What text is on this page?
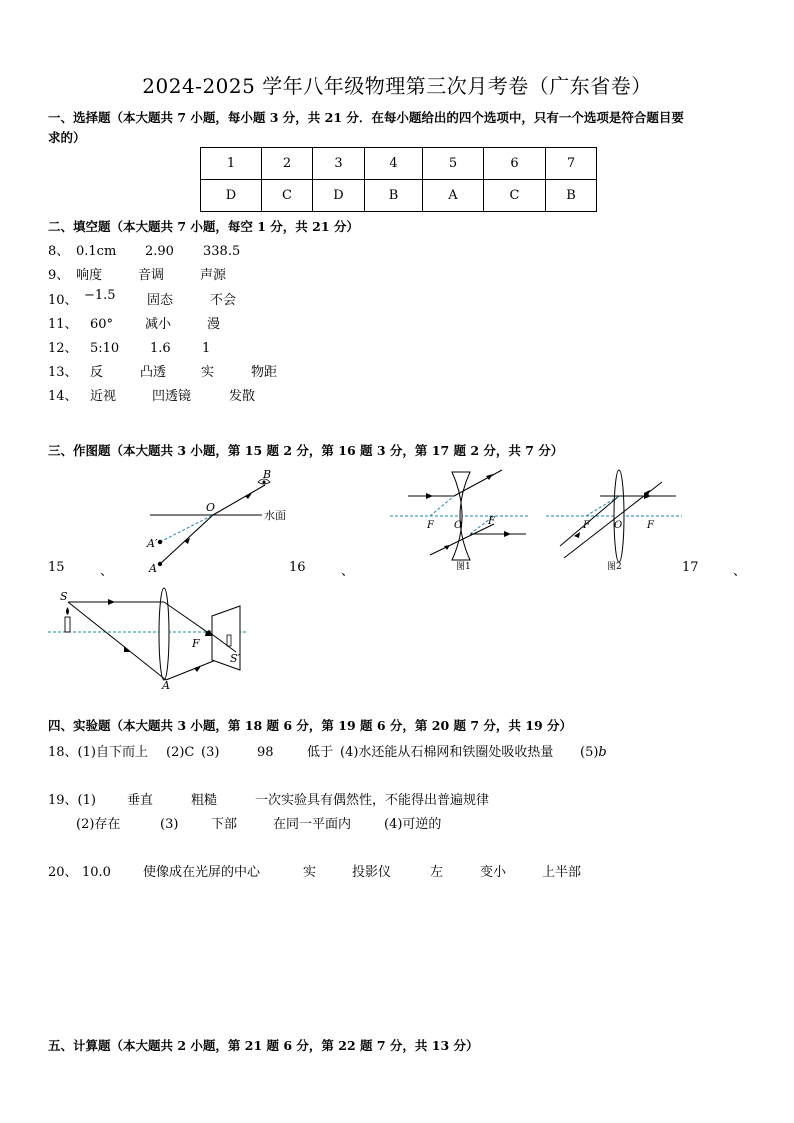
2024-2025 学年八年级物理第三次月考卷（广东省卷）
一、选择题（本大题共 7 小题，每小题 3 分，共 21 分．在每小题给出的四个选项中，只有一个选项是符合题目要
求的）
1	2	3	4	5	6	7
D	C	D	B	A	C	B
二、填空题（本大题共 7 小题，每空 1 分，共 21 分）
8、 0.1cm 2.90 338.5
9、 响度	音调	声源
10、 −1.5 固态	不会
11、 60° 减小	漫
12、 5:10 1.6 1
13、 反	凸透	实	物距
14、 近视	凹透镜	发散
三、作图题（本大题共 3 小题，第 15 题 2 分，第 16 题 3 分，第 17 题 2 分，共 7 分）
15	、	16	、	17	、
O
B
水面
A′
A
F O	F
图1
F O F
图2
S
F
S′
A
四、实验题（本大题共 3 小题，第 18 题 6 分，第 19 题 6 分，第 20 题 7 分，共 19 分）
18、(1)自下而上 (2)C (3)	98	低于 (4)水还能从石棉网和铁圈处吸收热量 (5)b
19、(1) 垂直	粗糙	一次实验具有偶然性，不能得出普遍规律
(2)存在	(3)	下部	在同一平面内	(4)可逆的
20、 10.0 使像成在光屏的中心	实	投影仪	左	变小	上半部
五、计算题（本大题共 2 小题，第 21 题 6 分，第 22 题 7 分，共 13 分）
